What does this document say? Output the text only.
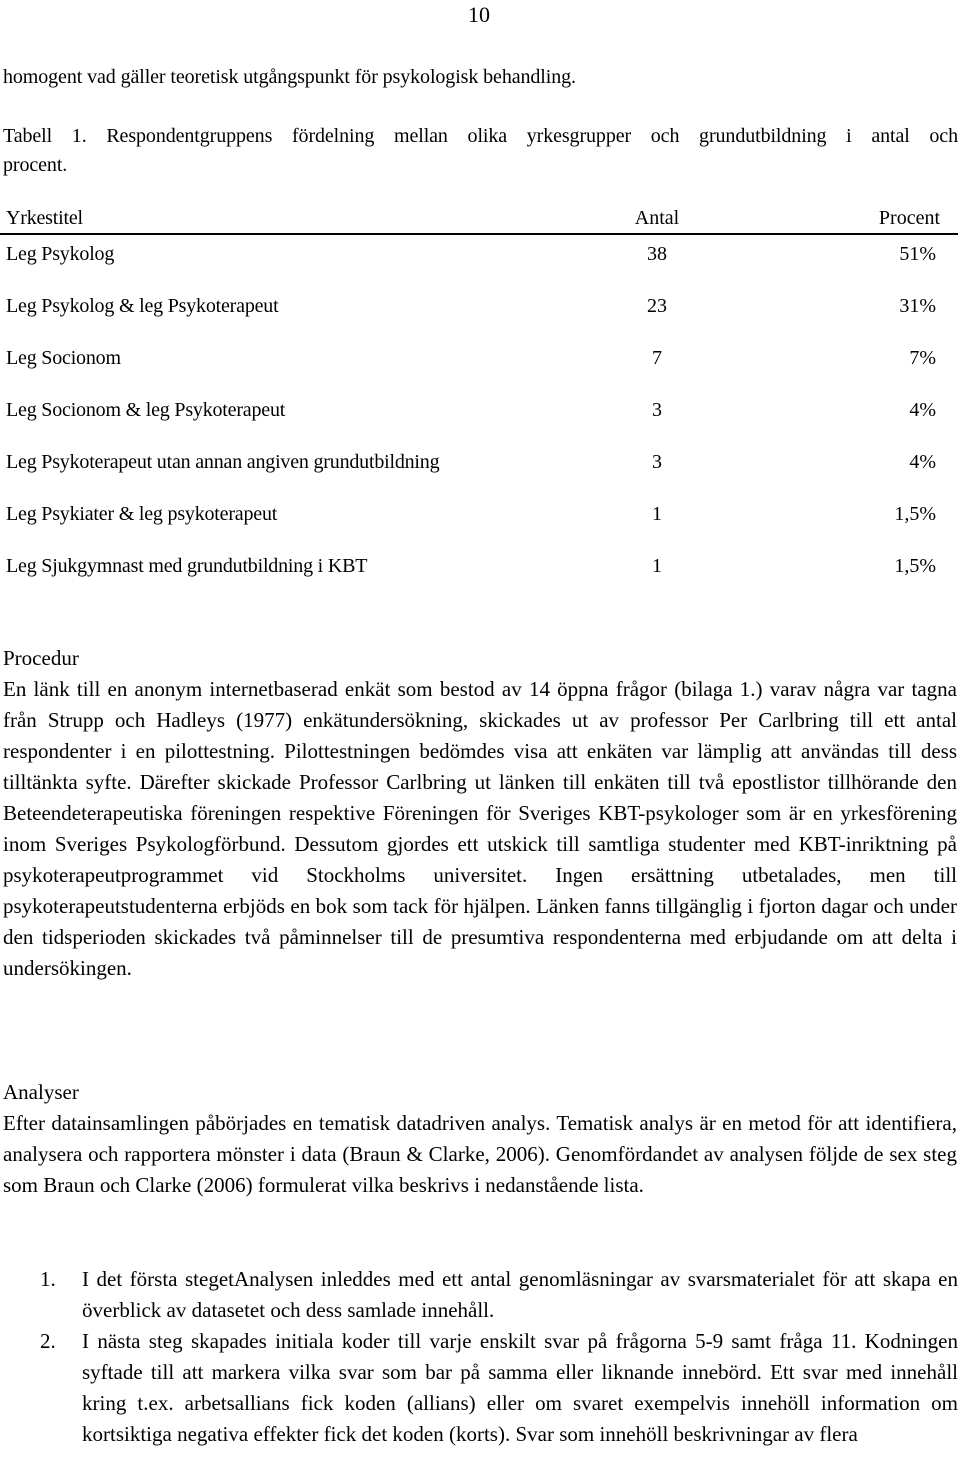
10

homogent vad gäller teoretisk utgångspunkt för psykologisk behandling.

Tabell 1. Respondentgruppens fördelning mellan olika yrkesgrupper och grundutbildning i antal och
procent.

Yrkestitel	Antal	Procent
Leg Psykolog	38	51%
Leg Psykolog & leg Psykoterapeut	23	31%
Leg Socionom	7	7%
Leg Socionom & leg Psykoterapeut	3	4%
Leg Psykoterapeut utan annan angiven grundutbildning	3	4%
Leg Psykiater & leg psykoterapeut	1	1,5%
Leg Sjukgymnast med grundutbildning i KBT	1	1,5%
Procedur

En länk till en anonym internetbaserad enkät som bestod av 14 öppna frågor (bilaga 1.) varav några var tagna från Strupp och Hadleys (1977) enkätundersökning, skickades ut av professor Per Carlbring till ett antal respondenter i en pilottestning. Pilottestningen bedömdes visa att enkäten var lämplig att användas till dess tilltänkta syfte. Därefter skickade Professor Carlbring ut länken till enkäten till två epostlistor tillhörande den Beteendeterapeutiska föreningen respektive Föreningen för Sveriges KBT-psykologer som är en yrkesförening inom Sveriges Psykologförbund. Dessutom gjordes ett utskick till samtliga studenter med KBT-inriktning på psykoterapeutprogrammet vid Stockholms universitet. Ingen ersättning utbetalades, men till psykoterapeutstudenterna erbjöds en bok som tack för hjälpen. Länken fanns tillgänglig i fjorton dagar och under den tidsperioden skickades två påminnelser till de presumtiva respondenterna med erbjudande om att delta i undersökingen.

Analyser

Efter datainsamlingen påbörjades en tematisk datadriven analys. Tematisk analys är en metod för att identifiera, analysera och rapportera mönster i data (Braun & Clarke, 2006). Genomfördandet av analysen följde de sex steg som Braun och Clarke (2006) formulerat vilka beskrivs i nedanstående lista.

1. I det första stegetAnalysen inleddes med ett antal genomläsningar av svarsmaterialet för att skapa en överblick av datasetet och dess samlade innehåll.
2. I nästa steg skapades initiala koder till varje enskilt svar på frågorna 5-9 samt fråga 11. Kodningen syftade till att markera vilka svar som bar på samma eller liknande innebörd. Ett svar med innehåll kring t.ex. arbetsallians fick koden (allians) eller om svaret exempelvis innehöll information om kortsiktiga negativa effekter fick det koden (korts). Svar som innehöll beskrivningar av flera
